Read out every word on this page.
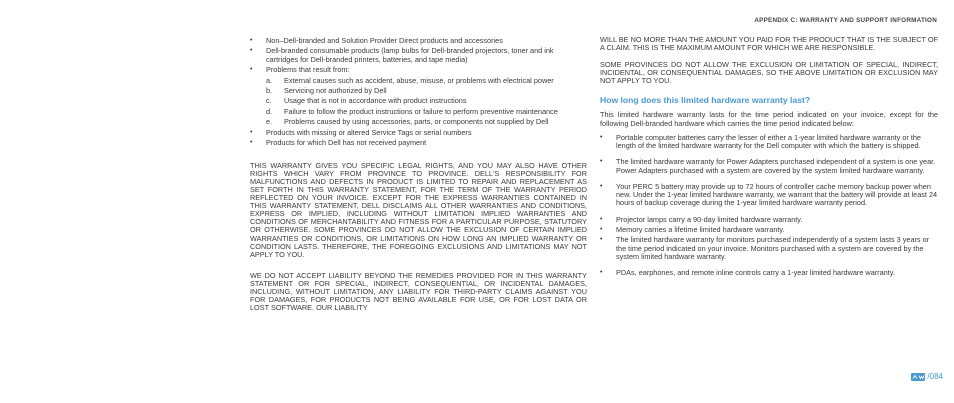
APPENDIX C: WARRANTY AND SUPPORT INFORMATION
• Non–Dell-branded and Solution Provider Direct products and accessories
• Dell-branded consumable products (lamp bulbs for Dell-branded projectors, toner and ink cartridges for Dell-branded printers, batteries, and tape media)
• Problems that result from:
a. External causes such as accident, abuse, misuse, or problems with electrical power
b. Servicing not authorized by Dell
c. Usage that is not in accordance with product instructions
d. Failure to follow the product instructions or failure to perform preventive maintenance
e. Problems caused by using accessories, parts, or components not supplied by Dell
• Products with missing or altered Service Tags or serial numbers
• Products for which Dell has not received payment

THIS WARRANTY GIVES YOU SPECIFIC LEGAL RIGHTS, AND YOU MAY ALSO HAVE OTHER RIGHTS WHICH VARY FROM PROVINCE TO PROVINCE. DELL'S RESPONSIBILITY FOR MALFUNCTIONS AND DEFECTS IN PRODUCT IS LIMITED TO REPAIR AND REPLACEMENT AS SET FORTH IN THIS WARRANTY STATEMENT, FOR THE TERM OF THE WARRANTY PERIOD REFLECTED ON YOUR INVOICE. EXCEPT FOR THE EXPRESS WARRANTIES CONTAINED IN THIS WARRANTY STATEMENT, DELL DISCLAIMS ALL OTHER WARRANTIES AND CONDITIONS, EXPRESS OR IMPLIED, INCLUDING WITHOUT LIMITATION IMPLIED WARRANTIES AND CONDITIONS OF MERCHANTABILITY AND FITNESS FOR A PARTICULAR PURPOSE, STATUTORY OR OTHERWISE. SOME PROVINCES DO NOT ALLOW THE EXCLUSION OF CERTAIN IMPLIED WARRANTIES OR CONDITIONS, OR LIMITATIONS ON HOW LONG AN IMPLIED WARRANTY OR CONDITION LASTS. THEREFORE, THE FOREGOING EXCLUSIONS AND LIMITATIONS MAY NOT APPLY TO YOU.

WE DO NOT ACCEPT LIABILITY BEYOND THE REMEDIES PROVIDED FOR IN THIS WARRANTY STATEMENT OR FOR SPECIAL, INDIRECT, CONSEQUENTIAL, OR INCIDENTAL DAMAGES, INCLUDING, WITHOUT LIMITATION, ANY LIABILITY FOR THIRD-PARTY CLAIMS AGAINST YOU FOR DAMAGES, FOR PRODUCTS NOT BEING AVAILABLE FOR USE, OR FOR LOST DATA OR LOST SOFTWARE. OUR LIABILITY

WILL BE NO MORE THAN THE AMOUNT YOU PAID FOR THE PRODUCT THAT IS THE SUBJECT OF A CLAIM. THIS IS THE MAXIMUM AMOUNT FOR WHICH WE ARE RESPONSIBLE.

SOME PROVINCES DO NOT ALLOW THE EXCLUSION OR LIMITATION OF SPECIAL, INDIRECT, INCIDENTAL, OR CONSEQUENTIAL DAMAGES, SO THE ABOVE LIMITATION OR EXCLUSION MAY NOT APPLY TO YOU.

How long does this limited hardware warranty last?

This limited hardware warranty lasts for the time period indicated on your invoice, except for the following Dell-branded hardware which carries the time period indicated below:

• Portable computer batteries carry the lesser of either a 1-year limited hardware warranty or the length of the limited hardware warranty for the Dell computer with which the battery is shipped.
• The limited hardware warranty for Power Adapters purchased independent of a system is one year. Power Adapters purchased with a system are covered by the system limited hardware warranty.
• Your PERC 5 battery may provide up to 72 hours of controller cache memory backup power when new. Under the 1-year limited hardware warranty, we warrant that the battery will provide at least 24 hours of backup coverage during the 1-year limited hardware warranty period.
• Projector lamps carry a 90-day limited hardware warranty.
• Memory carries a lifetime limited hardware warranty.
• The limited hardware warranty for monitors purchased independently of a system lasts 3 years or the time period indicated on your invoice. Monitors purchased with a system are covered by the system limited hardware warranty.
• PDAs, earphones, and remote inline controls carry a 1-year limited hardware warranty.
/084
